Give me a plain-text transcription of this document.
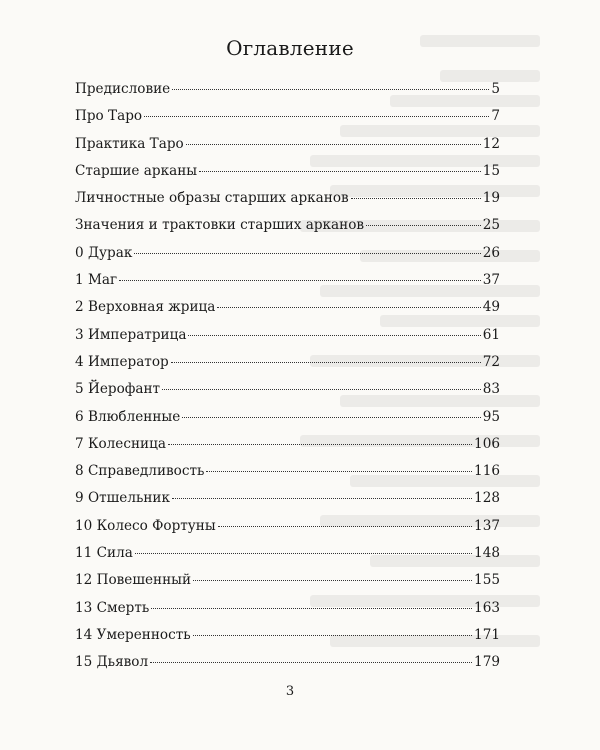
Оглавление
Предисловие	5
Про Таро	7
Практика Таро	12
Старшие арканы	15
Личностные образы старших арканов	19
Значения и трактовки старших арканов	25
0 Дурак	26
1 Маг	37
2 Верховная жрица	49
3 Императрица	61
4 Император	72
5 Йерофант	83
6 Влюбленные	95
7 Колесница	106
8 Справедливость	116
9 Отшельник	128
10 Колесо Фортуны	137
11 Сила	148
12 Повешенный	155
13 Смерть	163
14 Умеренность	171
15 Дьявол	179
3
